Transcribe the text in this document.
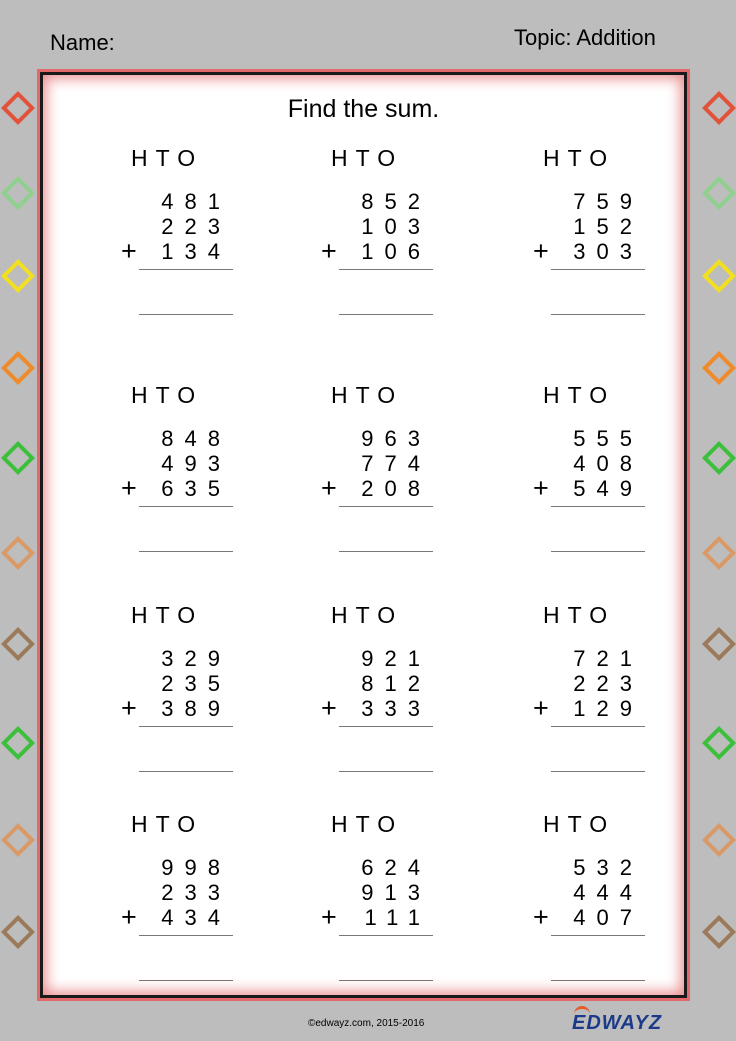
Name:	Topic: Addition
Find the sum.
HTO
481
223
+ 134
HTO
852
103
+ 106
HTO
759
152
+ 303
HTO
848
493
+ 635
HTO
963
774
+ 208
HTO
555
408
+ 549
HTO
329
235
+ 389
HTO
921
812
+ 333
HTO
721
223
+ 129
HTO
998
233
+ 434
HTO
624
913
+ 111
HTO
532
444
+ 407
©edwayz.com, 2015-2016	EDWAYZ
